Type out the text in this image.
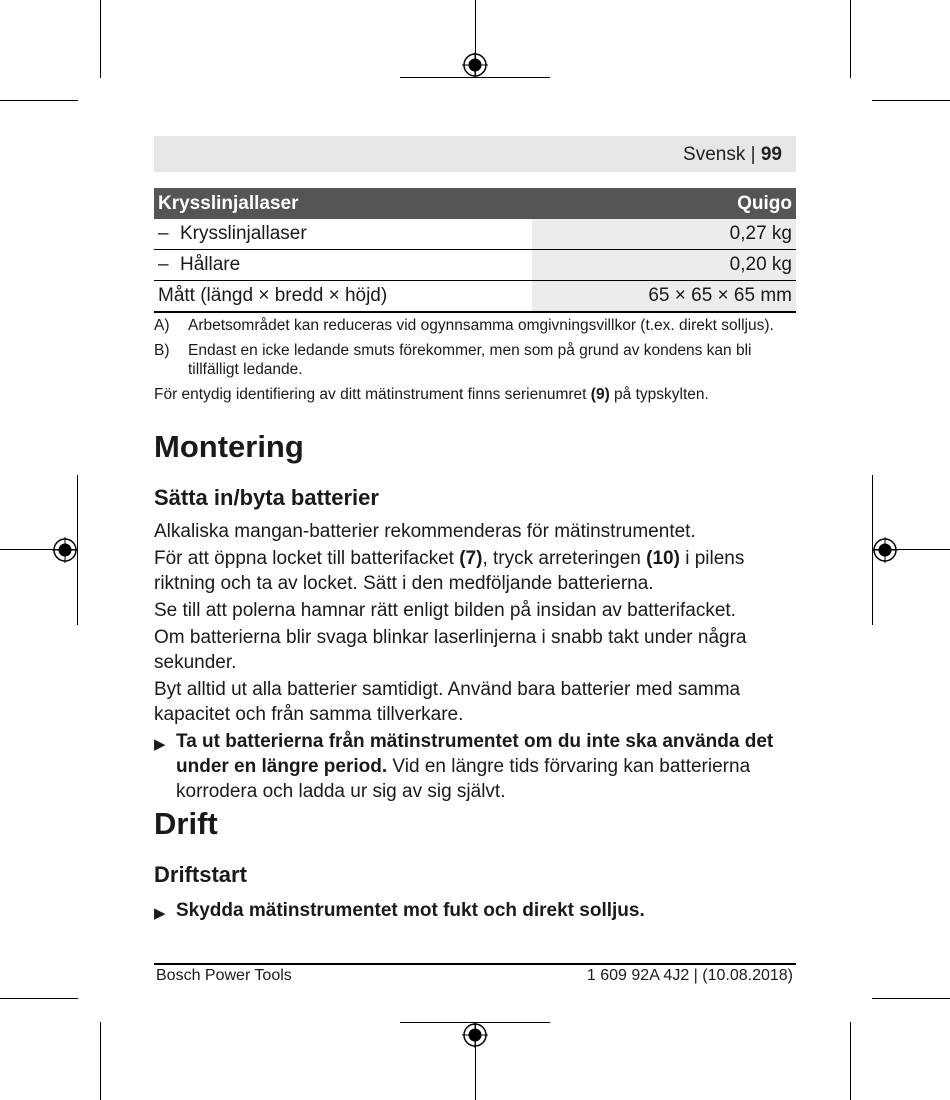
Svensk | 99
Krysslinjallaser	Quigo
– Krysslinjallaser	0,27 kg
– Hållare	0,20 kg
Mått (längd × bredd × höjd)	65 × 65 × 65 mm
A)	Arbetsområdet kan reduceras vid ogynnsamma omgivningsvillkor (t.ex. direkt solljus).
B)	Endast en icke ledande smuts förekommer, men som på grund av kondens kan bli tillfälligt ledande.
För entydig identifiering av ditt mätinstrument finns serienumret (9) på typskylten.
Montering
Sätta in/byta batterier

Alkaliska mangan-batterier rekommenderas för mätinstrumentet.

För att öppna locket till batterifacket (7), tryck arreteringen (10) i pilens riktning och ta av locket. Sätt i den medföljande batterierna.

Se till att polerna hamnar rätt enligt bilden på insidan av batterifacket.

Om batterierna blir svaga blinkar laserlinjerna i snabb takt under några sekunder.

Byt alltid ut alla batterier samtidigt. Använd bara batterier med samma kapacitet och från samma tillverkare.

▶ Ta ut batterierna från mätinstrumentet om du inte ska använda det under en längre period. Vid en längre tids förvaring kan batterierna korrodera och ladda ur sig av sig självt.
Drift
Driftstart
▶ Skydda mätinstrumentet mot fukt och direkt solljus.
Bosch Power Tools	1 609 92A 4J2 | (10.08.2018)
